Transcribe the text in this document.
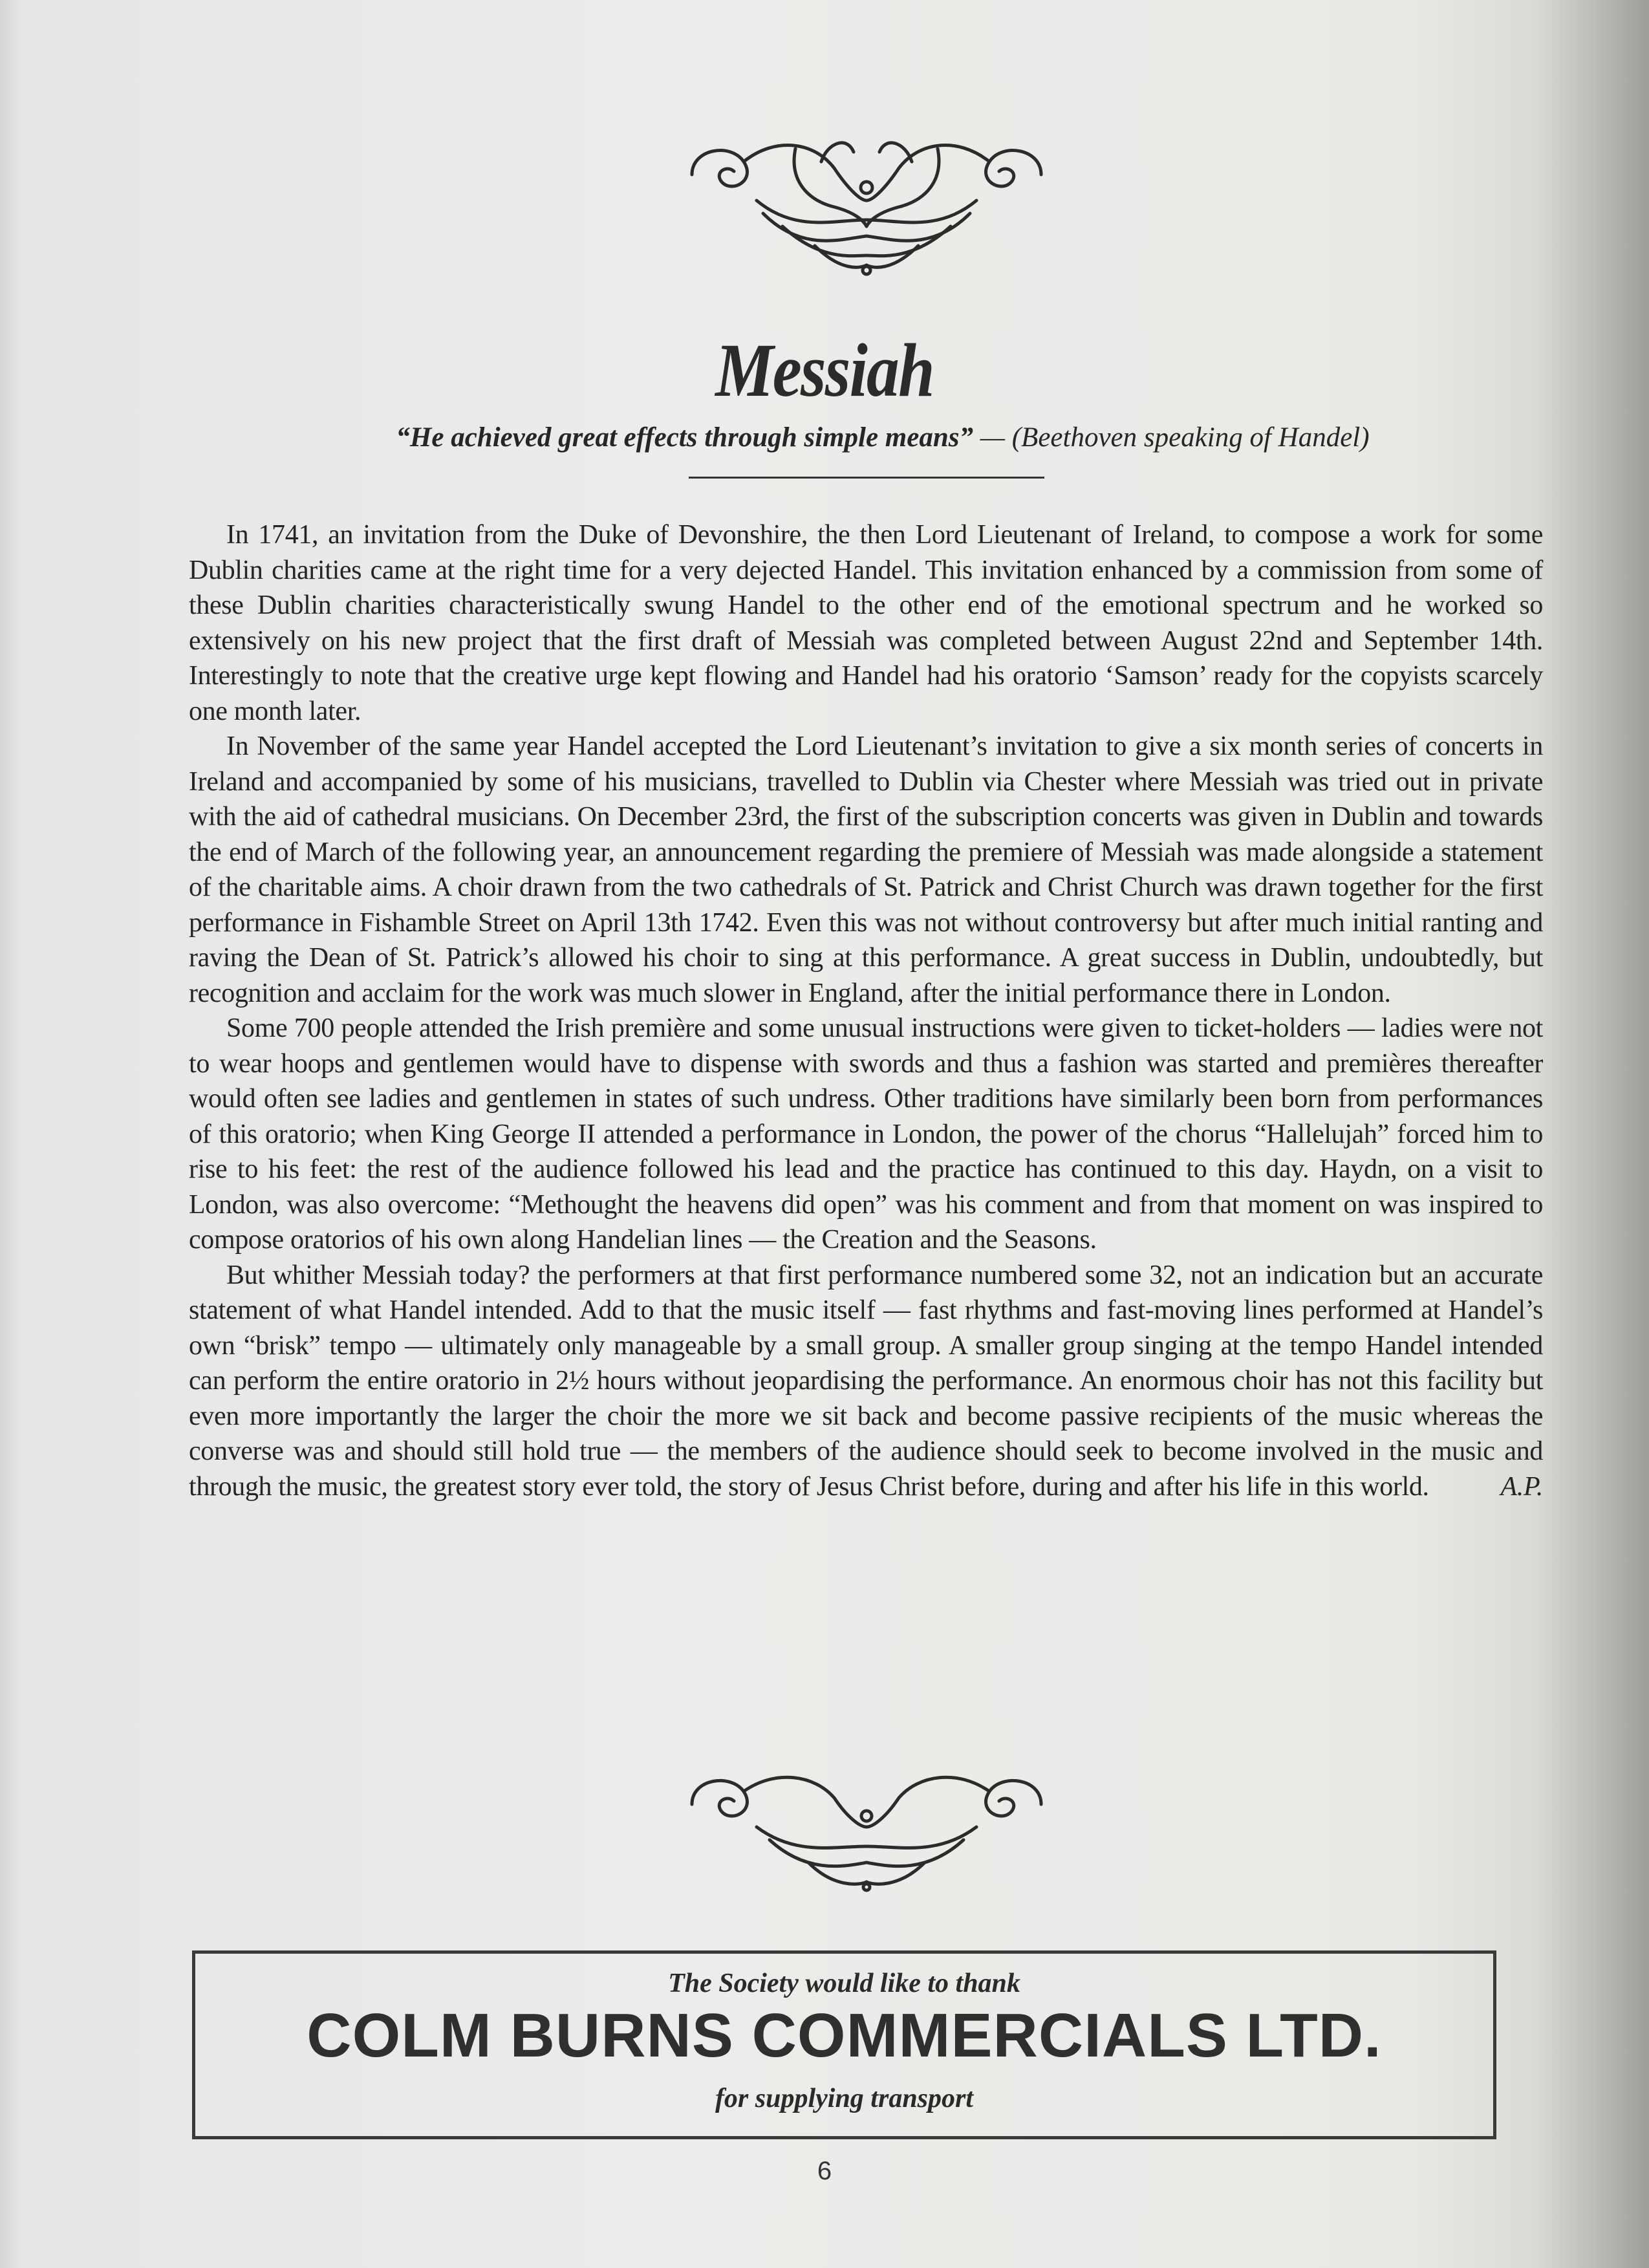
Messiah
“He achieved great effects through simple means” — (Beethoven speaking of Handel)

In 1741, an invitation from the Duke of Devonshire, the then Lord Lieutenant of Ireland, to compose a work for some Dublin charities came at the right time for a very dejected Handel. This invitation enhanced by a commission from some of these Dublin charities characteristically swung Handel to the other end of the emotional spectrum and he worked so extensively on his new project that the first draft of Messiah was completed between August 22nd and September 14th. Interestingly to note that the creative urge kept flowing and Handel had his oratorio ‘Samson’ ready for the copyists scarcely one month later.

In November of the same year Handel accepted the Lord Lieutenant’s invitation to give a six month series of concerts in Ireland and accompanied by some of his musicians, travelled to Dublin via Chester where Messiah was tried out in private with the aid of cathedral musicians. On December 23rd, the first of the subscription concerts was given in Dublin and towards the end of March of the following year, an announcement regarding the premiere of Messiah was made alongside a statement of the charitable aims. A choir drawn from the two cathedrals of St. Patrick and Christ Church was drawn together for the first performance in Fishamble Street on April 13th 1742. Even this was not without controversy but after much initial ranting and raving the Dean of St. Patrick’s allowed his choir to sing at this performance. A great success in Dublin, undoubtedly, but recognition and acclaim for the work was much slower in England, after the initial performance there in London.

Some 700 people attended the Irish première and some unusual instructions were given to ticket-holders — ladies were not to wear hoops and gentlemen would have to dispense with swords and thus a fashion was started and premières thereafter would often see ladies and gentlemen in states of such undress. Other traditions have similarly been born from performances of this oratorio; when King George II attended a performance in London, the power of the chorus “Hallelujah” forced him to rise to his feet: the rest of the audience followed his lead and the practice has continued to this day. Haydn, on a visit to London, was also overcome: “Methought the heavens did open” was his comment and from that moment on was inspired to compose oratorios of his own along Handelian lines — the Creation and the Seasons.

But whither Messiah today? the performers at that first performance numbered some 32, not an indication but an accurate statement of what Handel intended. Add to that the music itself — fast rhythms and fast-moving lines performed at Handel’s own “brisk” tempo — ultimately only manageable by a small group. A smaller group singing at the tempo Handel intended can perform the entire oratorio in 2½ hours without jeopardising the performance. An enormous choir has not this facility but even more importantly the larger the choir the more we sit back and become passive recipients of the music whereas the converse was and should still hold true — the members of the audience should seek to become involved in the music and through the music, the greatest story ever told, the story of Jesus Christ before, during and after his life in this world.	A.P.

The Society would like to thank
COLM BURNS COMMERCIALS LTD.
for supplying transport
6
